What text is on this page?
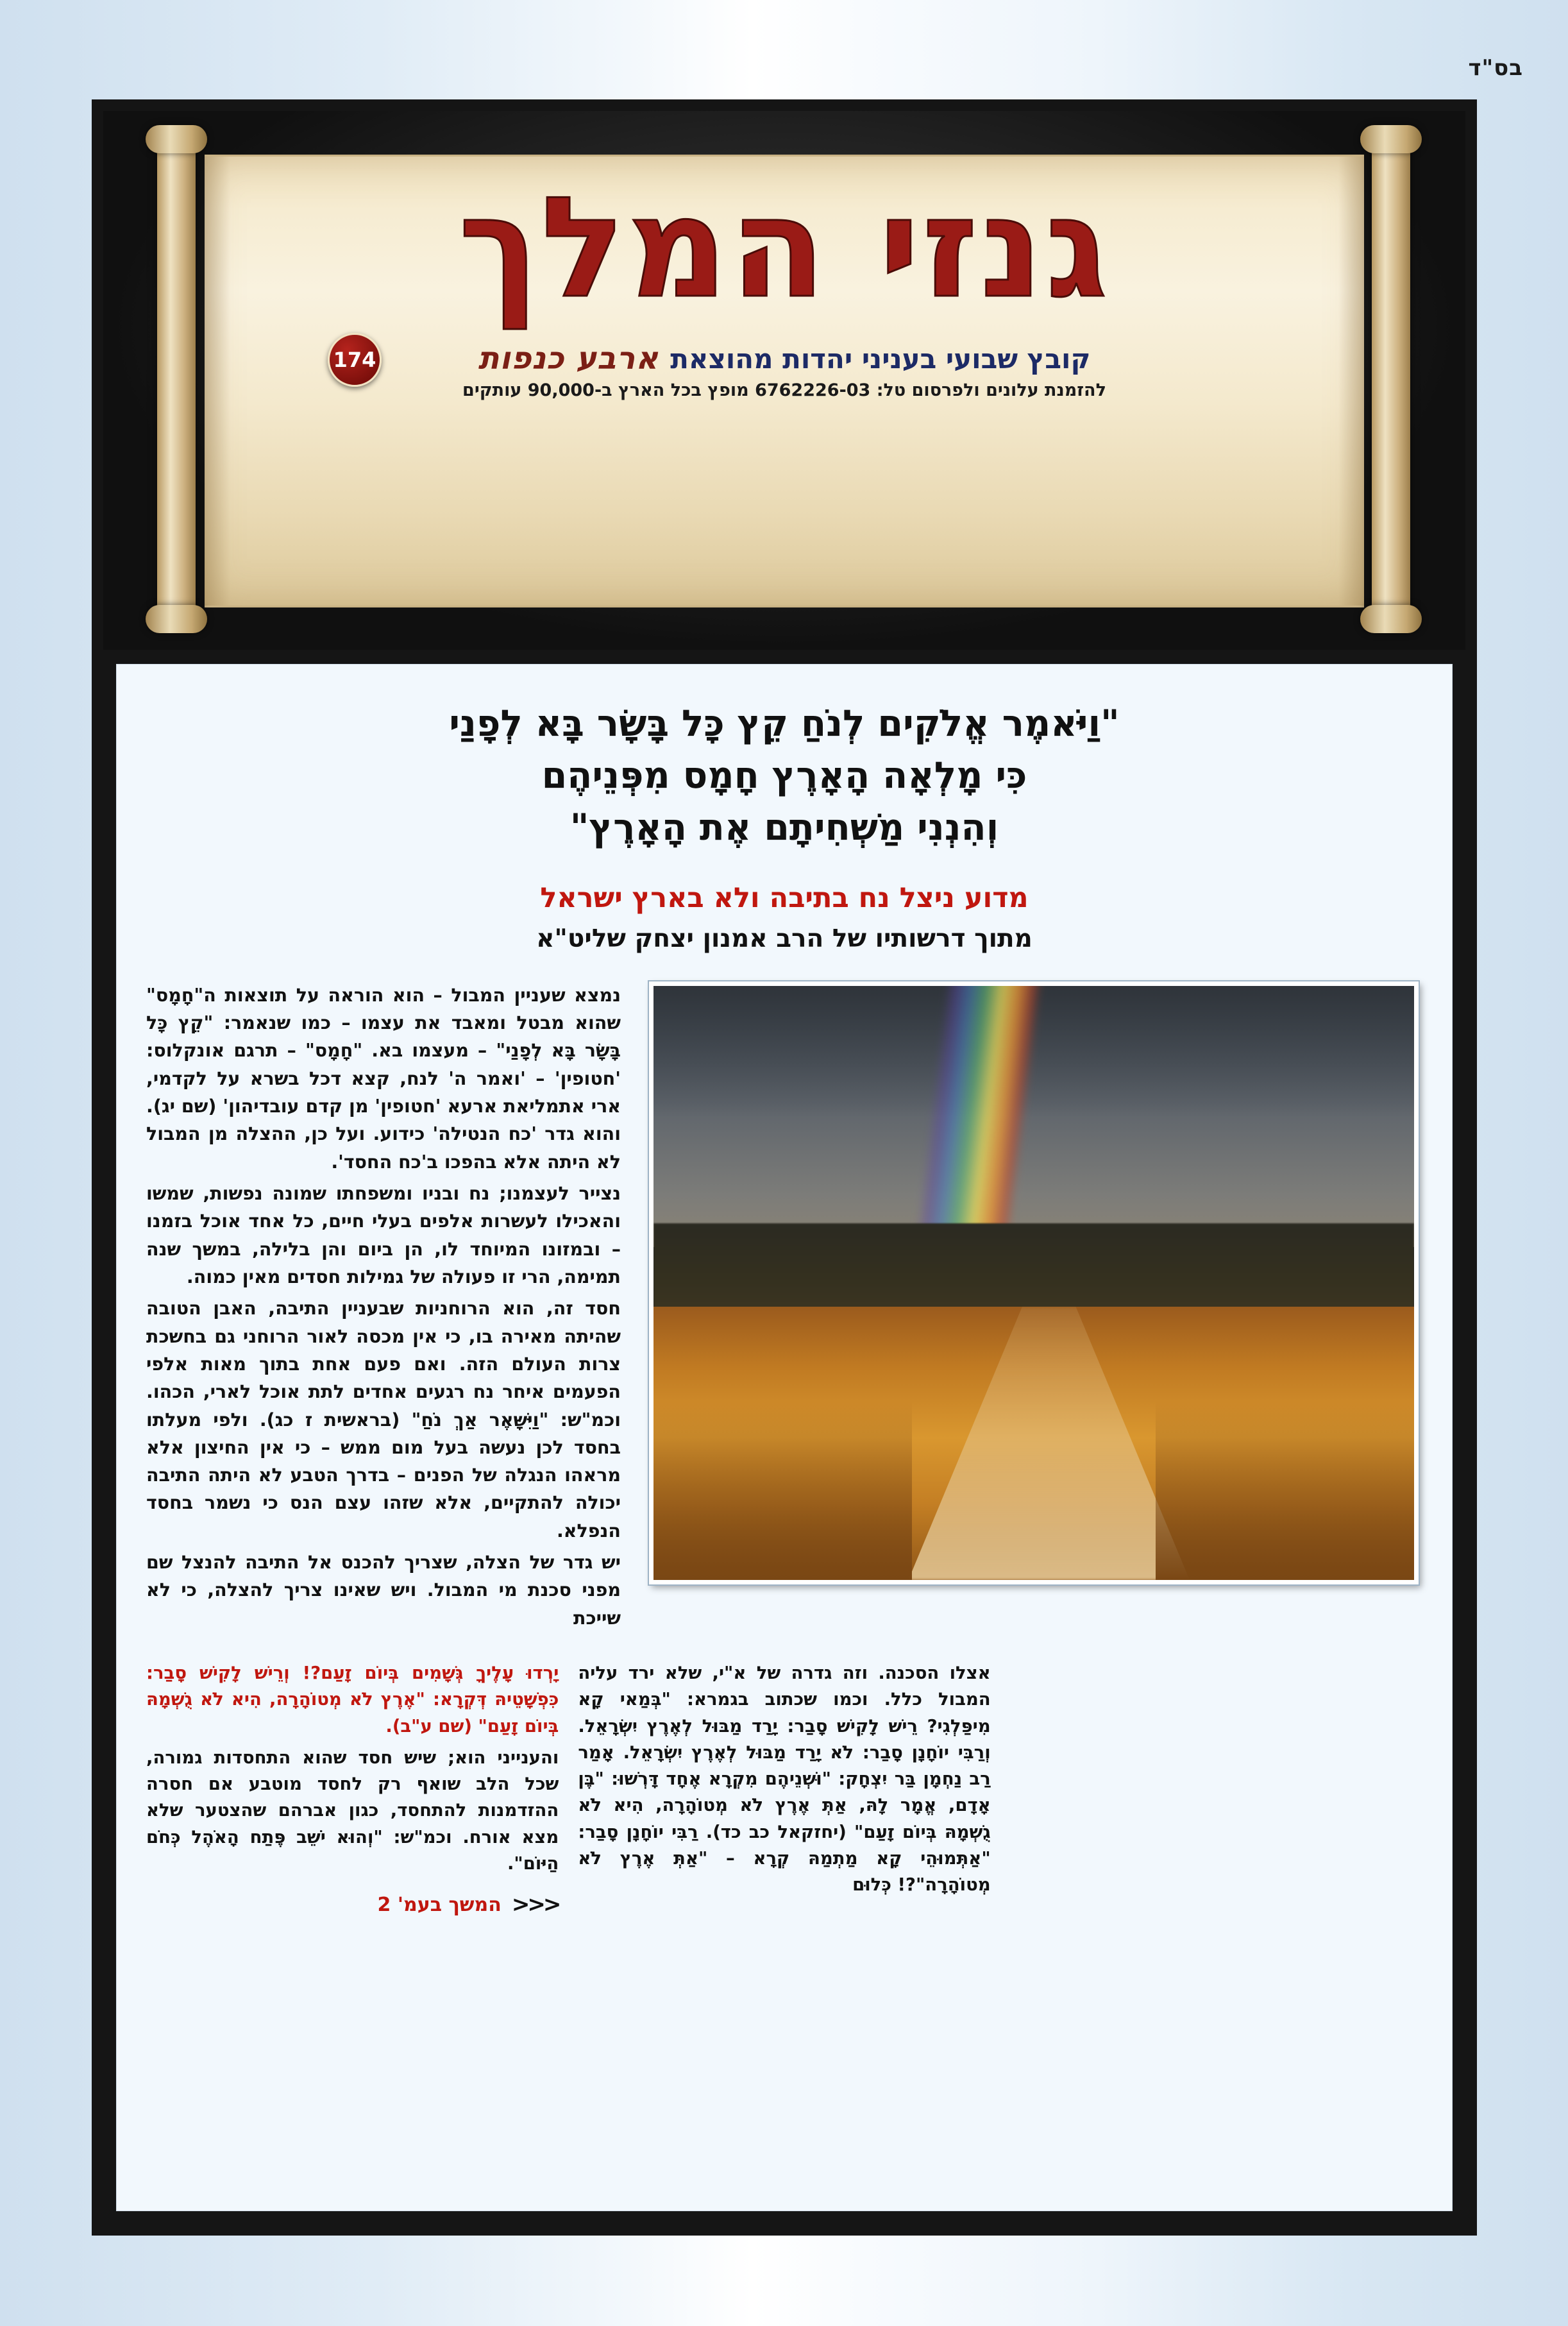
בס"ד
גנזי המלך
קובץ שבועי בעניני יהדות מהוצאת
ארבע כנפות
174
להזמנת עלונים ולפרסום טל: 6762226-03 מופץ בכל הארץ ב-90,000 עותקים
"וַיֹּאמֶר אֱלֹקִים לְנֹחַ קֵץ כָּל בָּשָׂר בָּא לְפָנַי
כִּי מָלְאָה הָאָרֶץ חָמָס מִפְּנֵיהֶם
וְהִנְנִי מַשְׁחִיתָם אֶת הָאָרֶץ"
מדוע ניצל נח בתיבה ולא בארץ ישראל
מתוך דרשותיו של הרב אמנון יצחק שליט"א

נמצא שעניין המבול – הוא הוראה על תוצאות ה"חָמָס" שהוא מבטל ומאבד את עצמו – כמו שנאמר: "קֵץ כָּל בָּשָׂר בָּא לְפָנַי" – מעצמו בא. "חָמָס" – תרגם אונקלוס: 'חטופין' – 'ואמר ה' לנח, קצא דכל בשרא על לקדמי, ארי אתמליאת ארעא 'חטופין' מן קדם עובדיהון' (שם יג). והוא גדר 'כח הנטילה' כידוע. ועל כן, ההצלה מן המבול לא היתה אלא בהפכו ב'כח החסד'.

נצייר לעצמנו; נח ובניו ומשפחתו שמונה נפשות, שמשו והאכילו לעשרות אלפים בעלי חיים, כל אחד אוכל בזמנו – ובמזונו המיוחד לו, הן ביום והן בלילה, במשך שנה תמימה, הרי זו פעולה של גמילות חסדים מאין כמוה.

חסד זה, הוא הרוחניות שבעניין התיבה, האבן הטובה שהיתה מאירה בו, כי אין מכסה לאור הרוחני גם בחשכת צרות העולם הזה. ואם פעם אחת בתוך מאות אלפי הפעמים איחר נח רגעים אחדים לתת אוכל לארי, הכהו. וכמ"ש: "וַיִּשָּׁאֶר אַךְ נֹחַ" (בראשית ז כג). ולפי מעלתו בחסד לכן נעשה בעל מום ממש – כי אין החיצון אלא מראהו הנגלה של הפנים – בדרך הטבע לא היתה התיבה יכולה להתקיים, אלא שזהו עצם הנס כי נשמר בחסד הנפלא.

יש גדר של הצלה, שצריך להכנס אל התיבה להנצל שם מפני סכנת מי המבול. ויש שאינו צריך להצלה, כי לא שייכת

יָרְדוּ עָלֶיךָ גְּשָׁמִים בְּיוֹם זָעַם?! וְרֵישׁ לָקִישׁ סָבַר: כִּפְשָׁטֵיהּ דְּקְרָא: "אֶרֶץ לֹא מְטוֹהָרָה, הִיא לֹא גֻשְׁמָהּ בְּיוֹם זָעַם" (שם ע"ב).

והענייני הוא; שיש חסד שהוא התחסדות גמורה, שכל הלב שואף רק לחסד מוטבע אם חסרה ההזדמנות להתחסד, כגון אברהם שהצטער שלא מצא אורח. וכמ"ש: "וְהוּא יֹשֵׁב פֶּתַח הָאֹהֶל כְּחֹם הַיּוֹם".

<<<
המשך בעמ' 2

אצלו הסכנה. וזה גדרה של א"י, שלא ירד עליה המבול כלל. וכמו שכתוב בגמרא: "בְּמַאי קָא מִיפַּלְגִי? רֵישׁ לָקִישׁ סָבַר: יָרַד מַבּוּל לְאֶרֶץ יִשְׂרָאֵל. וְרַבִּי יוֹחָנָן סָבַר: לֹא יָרַד מַבּוּל לְאֶרֶץ יִשְׂרָאֵל. אָמַר רַב נַחְמָן בַּר יִצְחָק: "וּשְׁנֵיהֶם מִקְרָא אֶחָד דָּרְשׁוּ: "בֶּן אָדָם, אֱמָר לָהּ, אַתְּ אֶרֶץ לֹא מְטוֹהָרָה, הִיא לֹא גֻשְׁמָהּ בְּיוֹם זָעַם" (יחזקאל כב כד). רַבִּי יוֹחָנָן סָבַר: "אַתְּמוּהֵי קָא מַתְמַהּ קְרָא – "אַתְּ אֶרֶץ לֹא מְטוֹהָרָה"?! כְּלוּם
